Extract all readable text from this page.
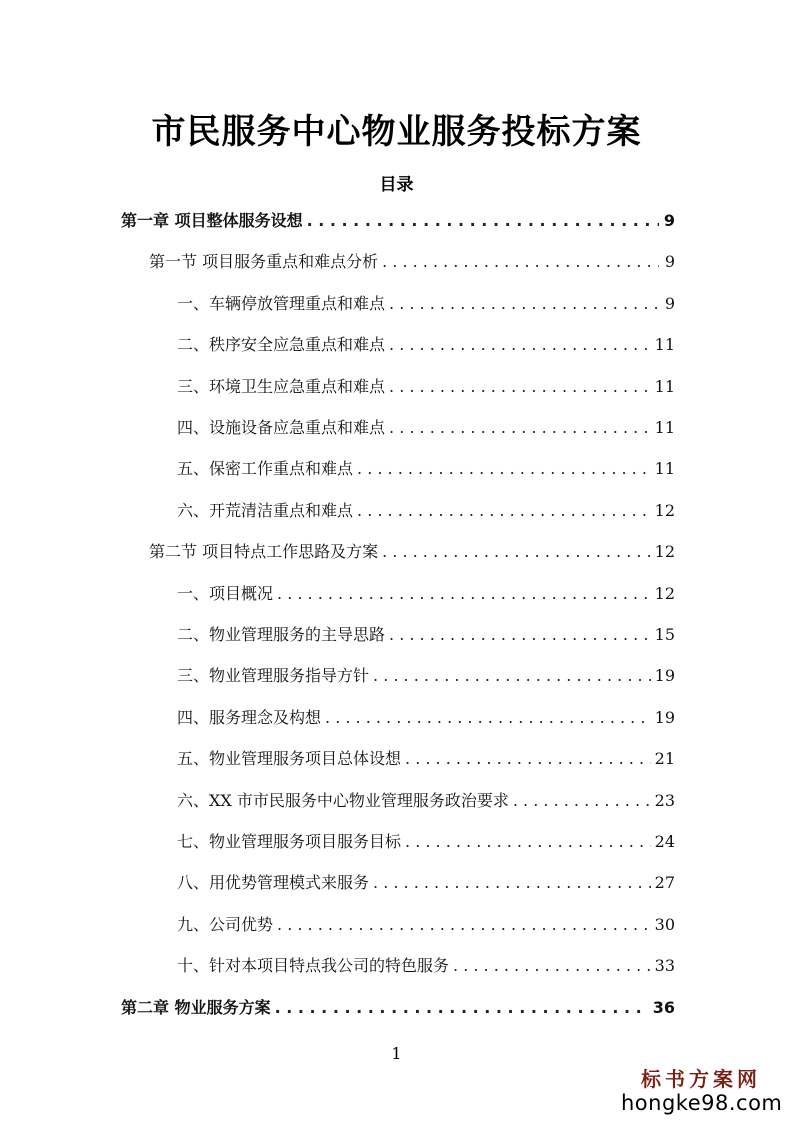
市民服务中心物业服务投标方案
目录
第一章 项目整体服务设想 . . .	9
第一节 项目服务重点和难点分析 . . .	9
一、车辆停放管理重点和难点 . . .	9
二、秩序安全应急重点和难点 . . .	11
三、环境卫生应急重点和难点 . . .	11
四、设施设备应急重点和难点 . . .	11
五、保密工作重点和难点 . . .	11
六、开荒清洁重点和难点 . . .	12
第二节 项目特点工作思路及方案 . . .	12
一、项目概况 . . .	12
二、物业管理服务的主导思路 . . .	15
三、物业管理服务指导方针 . . .	19
四、服务理念及构想 . . .	19
五、物业管理服务项目总体设想 . . .	21
六、XX 市市民服务中心物业管理服务政治要求 . . .	23
七、物业管理服务项目服务目标 . . .	24
八、用优势管理模式来服务 . . .	27
九、公司优势 . . .	30
十、针对本项目特点我公司的特色服务 . . .	33
第二章 物业服务方案 . . .	36
1
标书方案网
hongke98.com
